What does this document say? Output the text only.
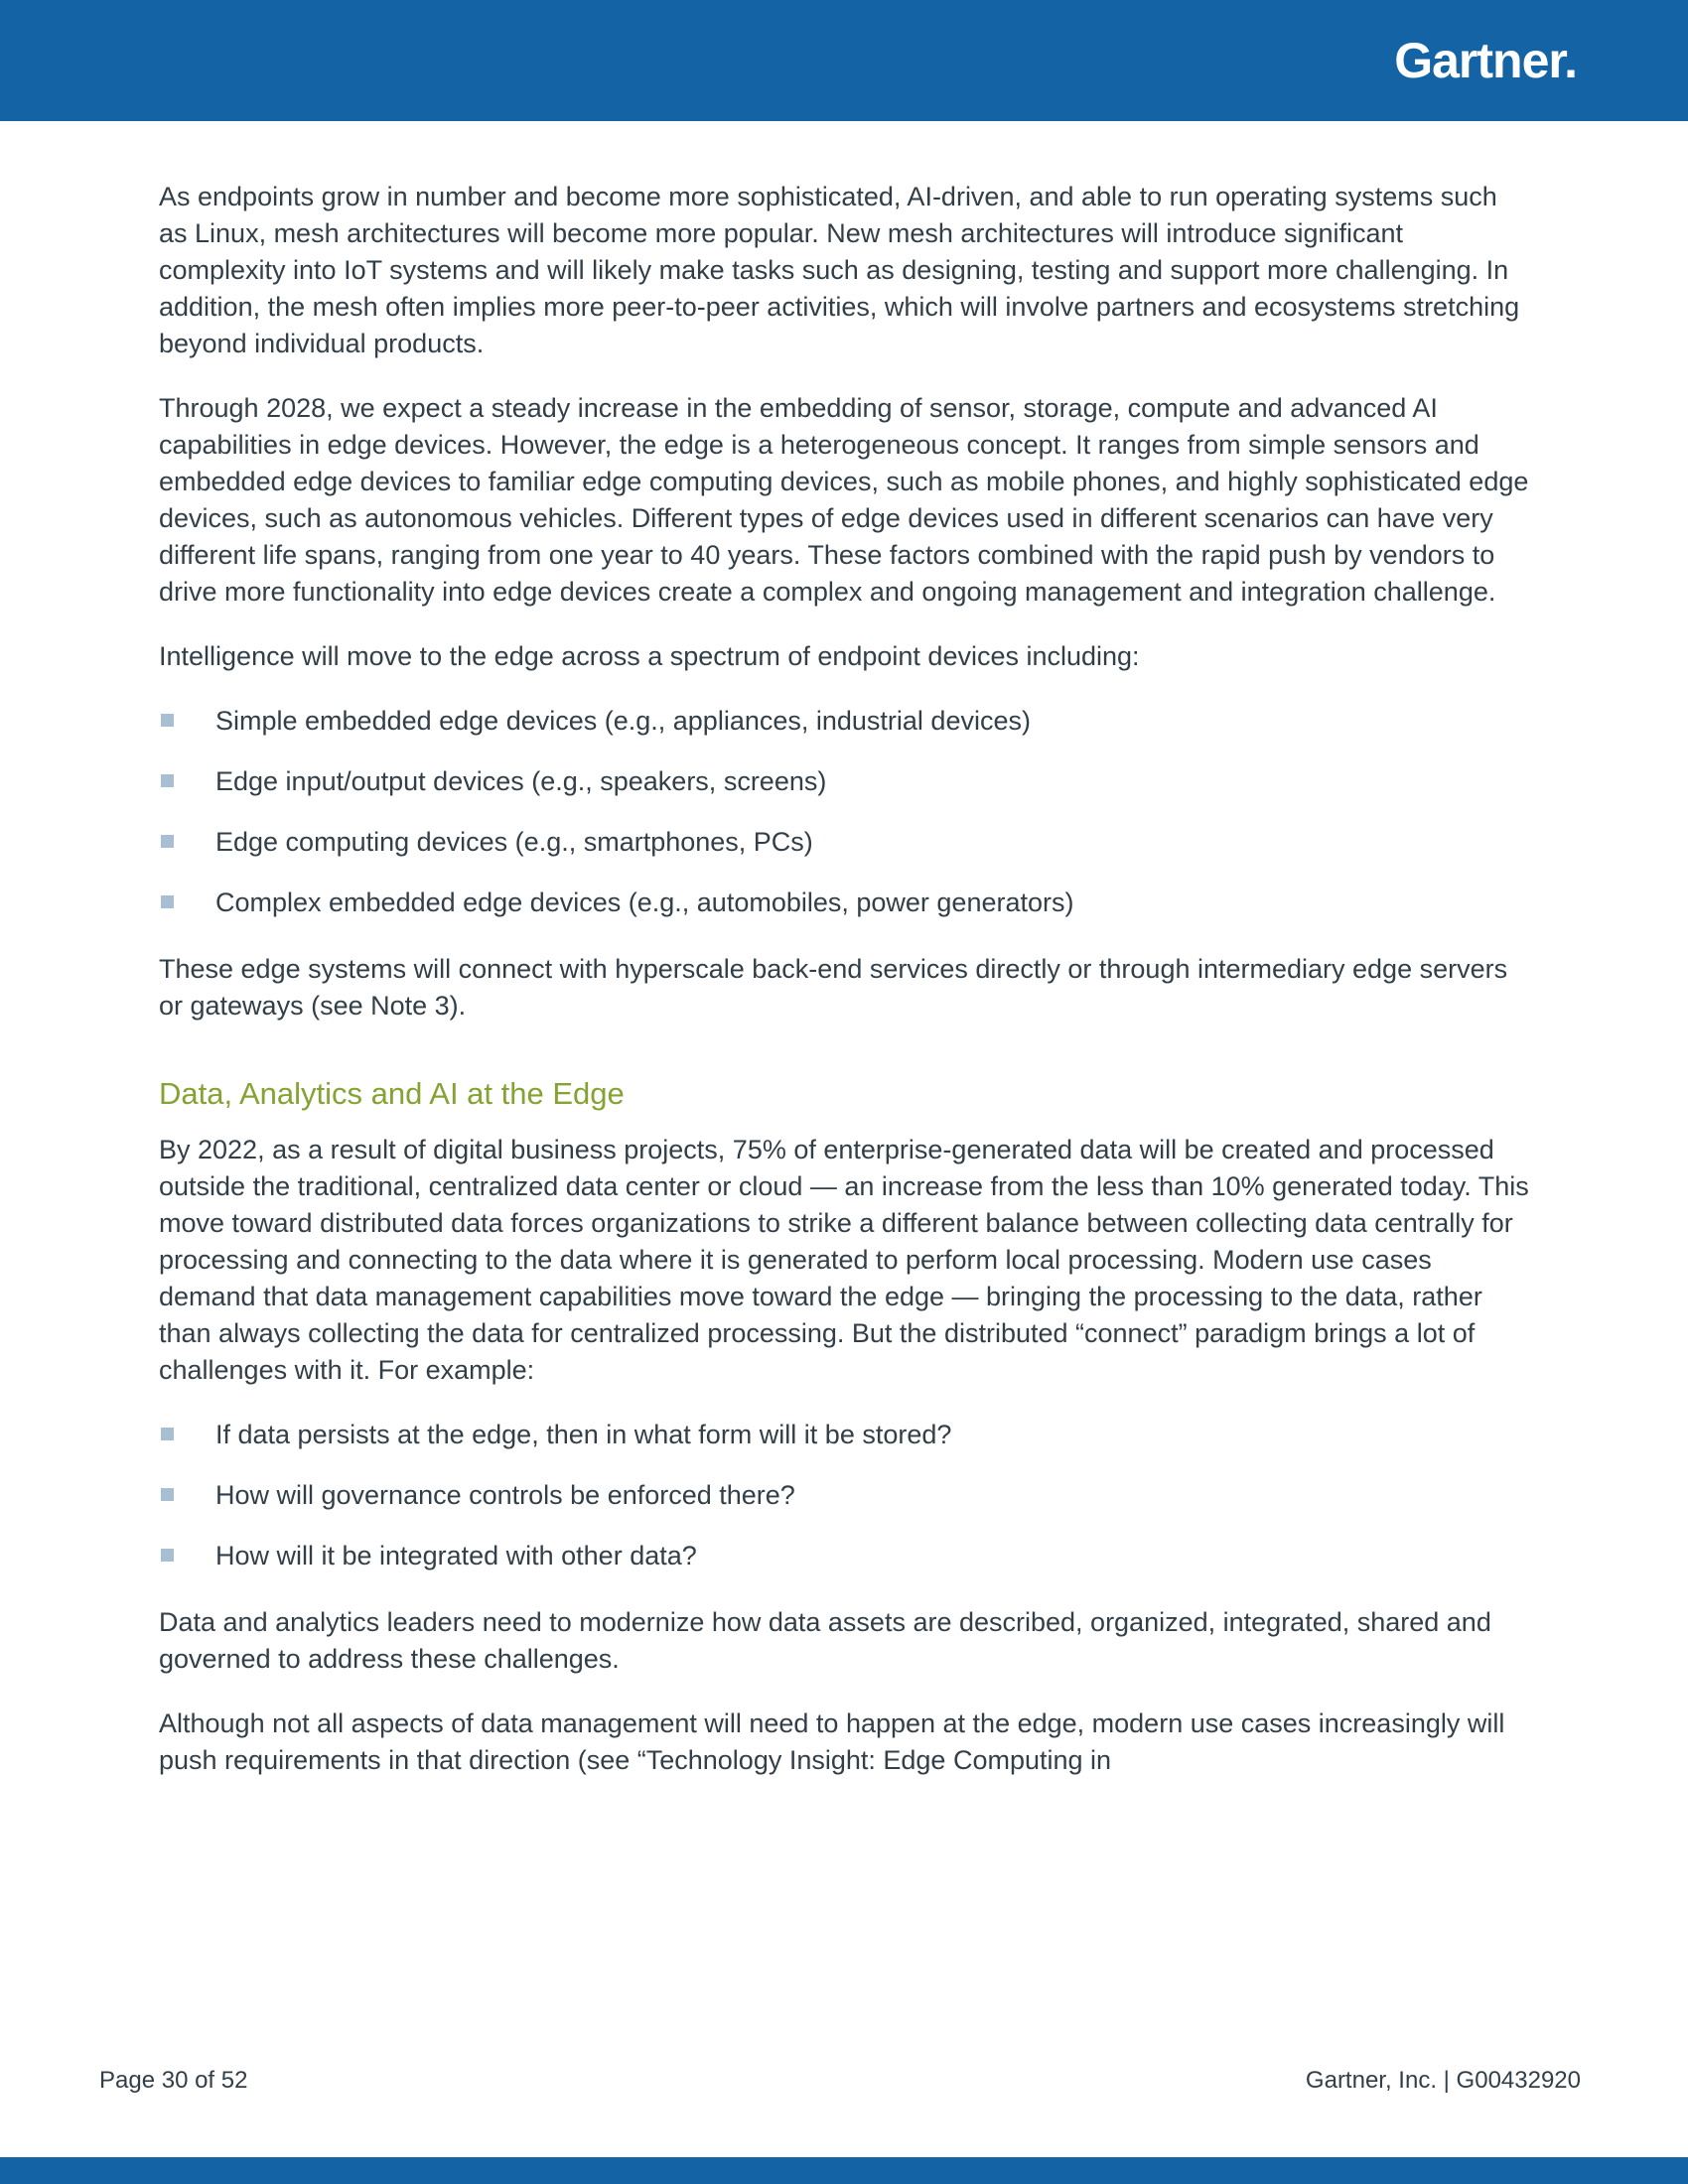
Gartner.

As endpoints grow in number and become more sophisticated, AI-driven, and able to run operating systems such as Linux, mesh architectures will become more popular. New mesh architectures will introduce significant complexity into IoT systems and will likely make tasks such as designing, testing and support more challenging. In addition, the mesh often implies more peer-to-peer activities, which will involve partners and ecosystems stretching beyond individual products.

Through 2028, we expect a steady increase in the embedding of sensor, storage, compute and advanced AI capabilities in edge devices. However, the edge is a heterogeneous concept. It ranges from simple sensors and embedded edge devices to familiar edge computing devices, such as mobile phones, and highly sophisticated edge devices, such as autonomous vehicles. Different types of edge devices used in different scenarios can have very different life spans, ranging from one year to 40 years. These factors combined with the rapid push by vendors to drive more functionality into edge devices create a complex and ongoing management and integration challenge.

Intelligence will move to the edge across a spectrum of endpoint devices including:

Simple embedded edge devices (e.g., appliances, industrial devices)
Edge input/output devices (e.g., speakers, screens)
Edge computing devices (e.g., smartphones, PCs)
Complex embedded edge devices (e.g., automobiles, power generators)

These edge systems will connect with hyperscale back-end services directly or through intermediary edge servers or gateways (see Note 3).

Data, Analytics and AI at the Edge

By 2022, as a result of digital business projects, 75% of enterprise-generated data will be created and processed outside the traditional, centralized data center or cloud — an increase from the less than 10% generated today. This move toward distributed data forces organizations to strike a different balance between collecting data centrally for processing and connecting to the data where it is generated to perform local processing. Modern use cases demand that data management capabilities move toward the edge — bringing the processing to the data, rather than always collecting the data for centralized processing. But the distributed “connect” paradigm brings a lot of challenges with it. For example:

If data persists at the edge, then in what form will it be stored?
How will governance controls be enforced there?
How will it be integrated with other data?

Data and analytics leaders need to modernize how data assets are described, organized, integrated, shared and governed to address these challenges.

Although not all aspects of data management will need to happen at the edge, modern use cases increasingly will push requirements in that direction (see “Technology Insight: Edge Computing in

Page 30 of 52	Gartner, Inc. | G00432920
